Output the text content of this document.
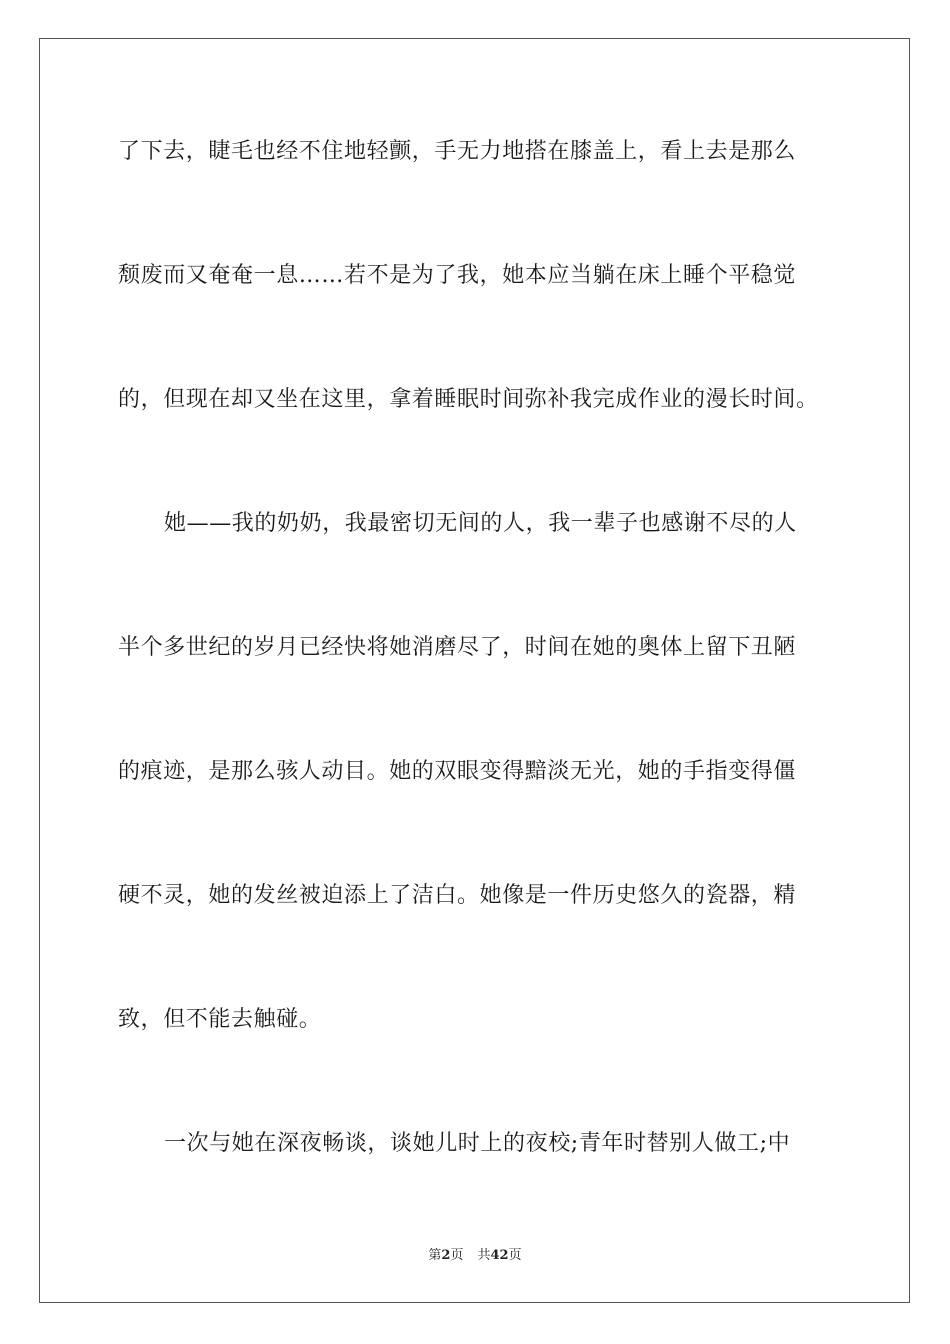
了下去，睫毛也经不住地轻颤，手无力地搭在膝盖上，看上去是那么
颓废而又奄奄一息……若不是为了我，她本应当躺在床上睡个平稳觉
的，但现在却又坐在这里，拿着睡眠时间弥补我完成作业的漫长时间。
她——我的奶奶，我最密切无间的人，我一辈子也感谢不尽的人
半个多世纪的岁月已经快将她消磨尽了，时间在她的奥体上留下丑陋
的痕迹，是那么骇人动目。她的双眼变得黯淡无光，她的手指变得僵
硬不灵，她的发丝被迫添上了洁白。她像是一件历史悠久的瓷器，精
致，但不能去触碰。
一次与她在深夜畅谈，谈她儿时上的夜校;青年时替别人做工;中
第2页 共42页
